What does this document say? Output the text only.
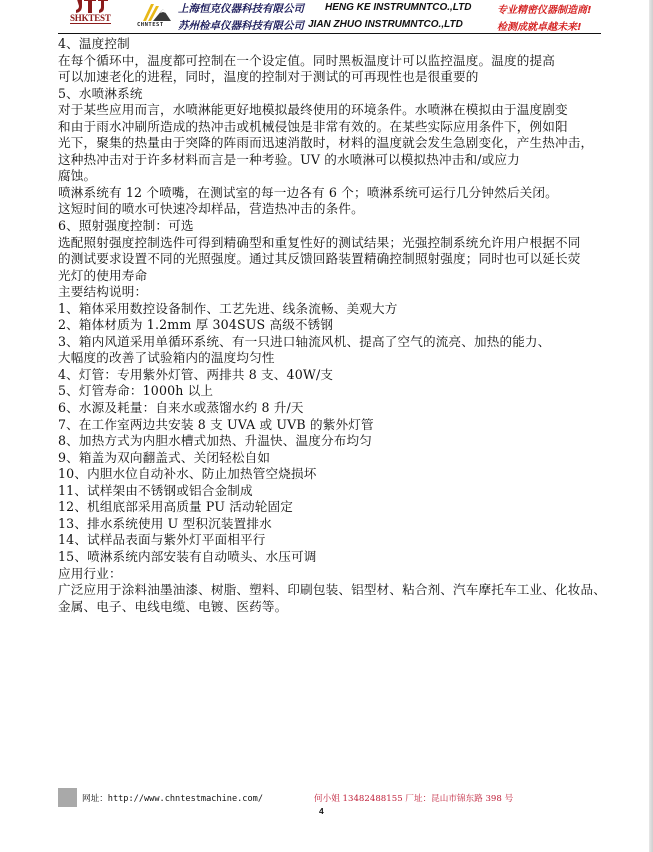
SHKTEST
CHNTEST
上海恒克仪器科技有限公司
苏州检卓仪器科技有限公司
HENG KE INSTRUMNTCO.,LTD
JIAN ZHUO INSTRUMNTCO.,LTD
专业精密仪器制造商!
检测成就卓越未来!
4、温度控制
在每个循环中，温度都可控制在一个设定值。同时黑板温度计可以监控温度。温度的提高
可以加速老化的进程，同时，温度的控制对于测试的可再现性也是很重要的
5、水喷淋系统
对于某些应用而言，水喷淋能更好地模拟最终使用的环境条件。水喷淋在模拟由于温度剧变
和由于雨水冲刷所造成的热冲击或机械侵蚀是非常有效的。在某些实际应用条件下，例如阳
光下，聚集的热量由于突降的阵雨而迅速消散时，材料的温度就会发生急剧变化，产生热冲击，
这种热冲击对于许多材料而言是一种考验。UV 的水喷淋可以模拟热冲击和/或应力
腐蚀。
喷淋系统有 12 个喷嘴，在测试室的每一边各有 6 个；喷淋系统可运行几分钟然后关闭。
这短时间的喷水可快速冷却样品，营造热冲击的条件。
6、照射强度控制：可选
选配照射强度控制选件可得到精确型和重复性好的测试结果；光强控制系统允许用户根据不同
的测试要求设置不同的光照强度。通过其反馈回路装置精确控制照射强度；同时也可以延长荧
光灯的使用寿命
主要结构说明：
1、箱体采用数控设备制作、工艺先进、线条流畅、美观大方
2、箱体材质为 1.2mm 厚 304SUS 高级不锈钢
3、箱内风道采用单循环系统、有一只进口轴流风机、提高了空气的流亮、加热的能力、
大幅度的改善了试验箱内的温度均匀性
4、灯管：专用紫外灯管、两排共 8 支、40W/支
5、灯管寿命：1000h 以上
6、水源及耗量：自来水或蒸馏水约 8 升/天
7、在工作室两边共安装 8 支 UVA 或 UVB 的紫外灯管
8、加热方式为内胆水槽式加热、升温快、温度分布均匀
9、箱盖为双向翻盖式、关闭轻松自如
10、内胆水位自动补水、防止加热管空烧损坏
11、试样架由不锈钢或铝合金制成
12、机组底部采用高质量 PU 活动轮固定
13、排水系统使用 U 型积沉装置排水
14、试样品表面与紫外灯平面相平行
15、喷淋系统内部安装有自动喷头、水压可调
应用行业：
广泛应用于涂料油墨油漆、树脂、塑料、印刷包装、铝型材、粘合剂、汽车摩托车工业、化妆品、
金属、电子、电线电缆、电镀、医药等。
网址：http://www.chntestmachine.com/	何小姐 13482488155 厂址：昆山市锦东路 398 号
4
